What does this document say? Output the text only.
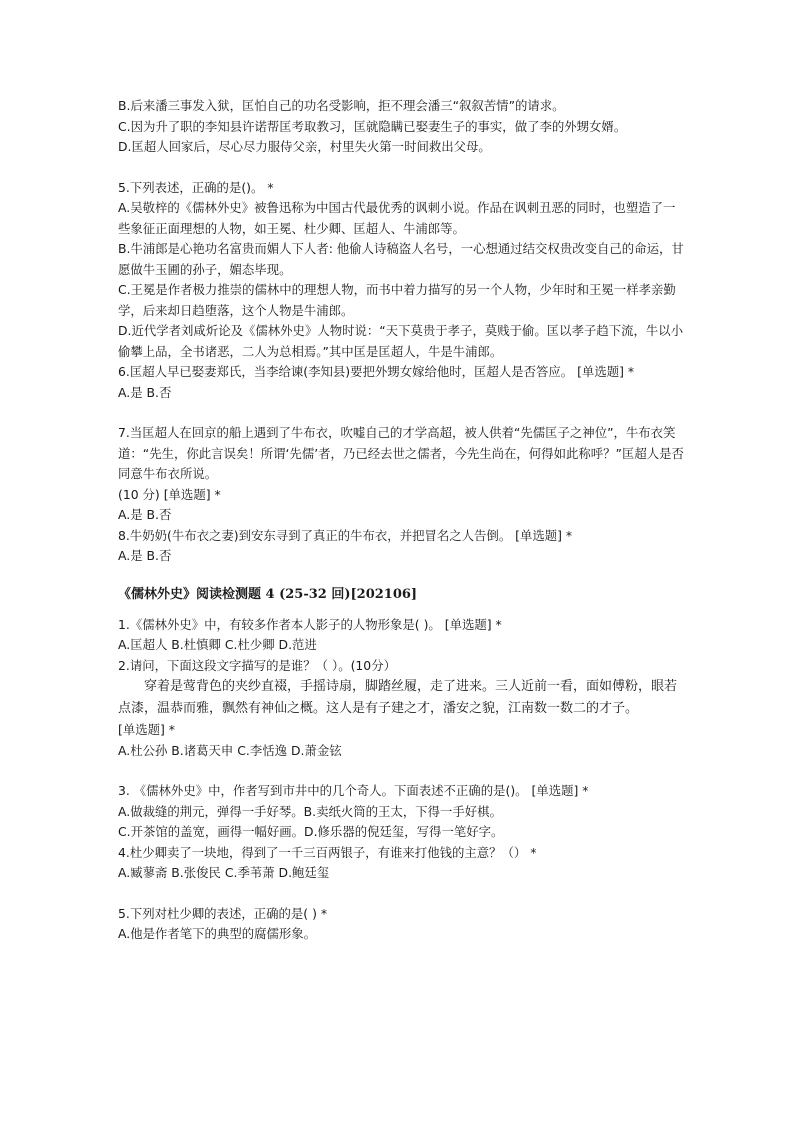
B.后来潘三事发入狱，匡怕自己的功名受影响，拒不理会潘三“叙叙苦情”的请求。
C.因为升了职的李知县许诺帮匡考取教习，匡就隐瞒已娶妻生子的事实，做了李的外甥女婿。
D.匡超人回家后，尽心尽力服侍父亲，村里失火第一时间救出父母。
5.下列表述，正确的是()。 *
A.吴敬梓的《儒林外史》被鲁迅称为中国古代最优秀的讽刺小说。作品在讽刺丑恶的同时，也塑造了一些象征正面理想的人物，如王冕、杜少卿、匡超人、牛浦郎等。
B.牛浦郎是心艳功名富贵而媚人下人者: 他偷人诗稿盗人名号，一心想通过结交权贵改变自己的命运，甘愿做牛玉圃的孙子，媚态毕现。
C.王冕是作者极力推崇的儒林中的理想人物，而书中着力描写的另一个人物，少年时和王冕一样孝亲勤学，后来却日趋堕落，这个人物是牛浦郎。
D.近代学者刘咸炘论及《儒林外史》人物时说：“天下莫贵于孝子，莫贱于偷。匡以孝子趋下流，牛以小偷攀上品，全书诸恶，二人为总相焉。”其中匡是匡超人，牛是牛浦郎。
6.匡超人早已娶妻郑氏，当李给谏(李知县)要把外甥女嫁给他时，匡超人是否答应。 [单选题] *
A.是 B.否
7.当匡超人在回京的船上遇到了牛布衣，吹嘘自己的才学高超，被人供着“先儒匡子之神位”，牛布衣笑道：“先生，你此言误矣！所谓‘先儒’者，乃已经去世之儒者，今先生尚在，何得如此称呼？”匡超人是否同意牛布衣所说。
(10 分) [单选题] *
A.是 B.否
8.牛奶奶(牛布衣之妻)到安东寻到了真正的牛布衣，并把冒名之人告倒。 [单选题] *
A.是 B.否
《儒林外史》阅读检测题 4 (25-32 回)[202106]
1.《儒林外史》中，有较多作者本人影子的人物形象是( )。 [单选题] *
A.匡超人 B.杜慎卿 C.杜少卿 D.范进
2.请问，下面这段文字描写的是谁？（ ）。(10分）
穿着是莺背色的夹纱直裰，手摇诗扇，脚踏丝履，走了进来。三人近前一看，面如傅粉，眼若点漆，温恭而雅，飘然有神仙之概。这人是有子建之才，潘安之貌，江南数一数二的才子。
[单选题] *
A.杜公孙 B.诸葛天申 C.李恬逸 D.萧金铉
3. 《儒林外史》中，作者写到市井中的几个奇人。下面表述不正确的是()。 [单选题] *
A.做裁缝的荆元，弹得一手好琴。B.卖纸火筒的王太，下得一手好棋。
C.开茶馆的盖宽，画得一幅好画。D.修乐器的倪廷玺，写得一笔好字。
4.杜少卿卖了一块地，得到了一千三百两银子，有谁来打他钱的主意？（） *
A.臧蓼斋 B.张俊民 C.季苇萧 D.鲍廷玺
5.下列对杜少卿的表述，正确的是( ) *
A.他是作者笔下的典型的腐儒形象。
